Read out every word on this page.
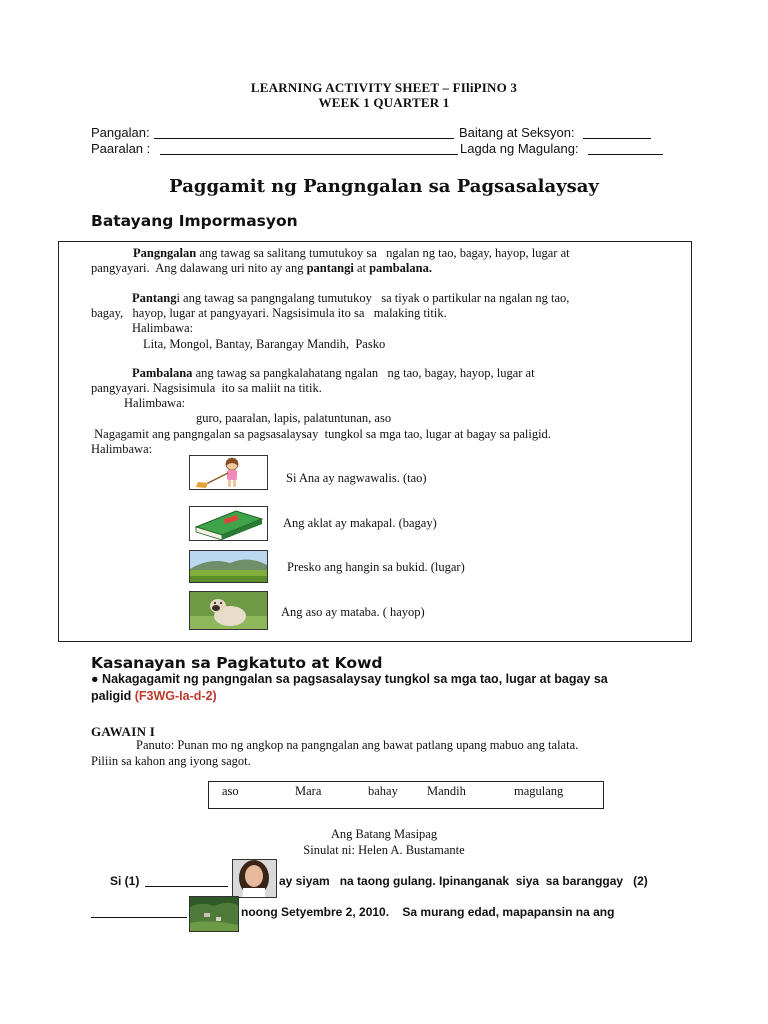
LEARNING ACTIVITY SHEET – FIliPINO 3
WEEK 1 QUARTER 1
Pangalan:	Baitang at Seksyon:
Paaralan :	Lagda ng Magulang:
Paggamit ng Pangngalan sa Pagsasalaysay
Batayang Impormasyon
Pangngalan ang tawag sa salitang tumutukoy sa   ngalan ng tao, bagay, hayop, lugar at
pangyayari.  Ang dalawang uri nito ay ang pantangi at pambalana.
Pantangi ang tawag sa pangngalang tumutukoy   sa tiyak o partikular na ngalan ng tao,
bagay,   hayop, lugar at pangyayari. Nagsisimula ito sa   malaking titik.
Halimbawa:
Lita, Mongol, Bantay, Barangay Mandih,  Pasko
Pambalana ang tawag sa pangkalahatang ngalan   ng tao, bagay, hayop, lugar at
pangyayari. Nagsisimula  ito sa maliit na titik.
Halimbawa:
guro, paaralan, lapis, palatuntunan, aso
Nagagamit ang pangngalan sa pagsasalaysay  tungkol sa mga tao, lugar at bagay sa paligid.
Halimbawa:
Si Ana ay nagwawalis. (tao)
Ang aklat ay makapal. (bagay)
Presko ang hangin sa bukid. (lugar)
Ang aso ay mataba. ( hayop)
Kasanayan sa Pagkatuto at Kowd
● Nakagagamit ng pangngalan sa pagsasalaysay tungkol sa mga tao, lugar at bagay sa
paligid (F3WG-Ia-d-2)
GAWAIN I
Panuto: Punan mo ng angkop na pangngalan ang bawat patlang upang mabuo ang talata.
Piliin sa kahon ang iyong sagot.
aso	Mara	bahay Mandih	magulang
Ang Batang Masipag
Sinulat ni: Helen A. Bustamante
Si (1)	ay siyam   na taong gulang. Ipinanganak  siya  sa baranggay   (2)
noong Setyembre 2, 2010.    Sa murang edad, mapapansin na ang
